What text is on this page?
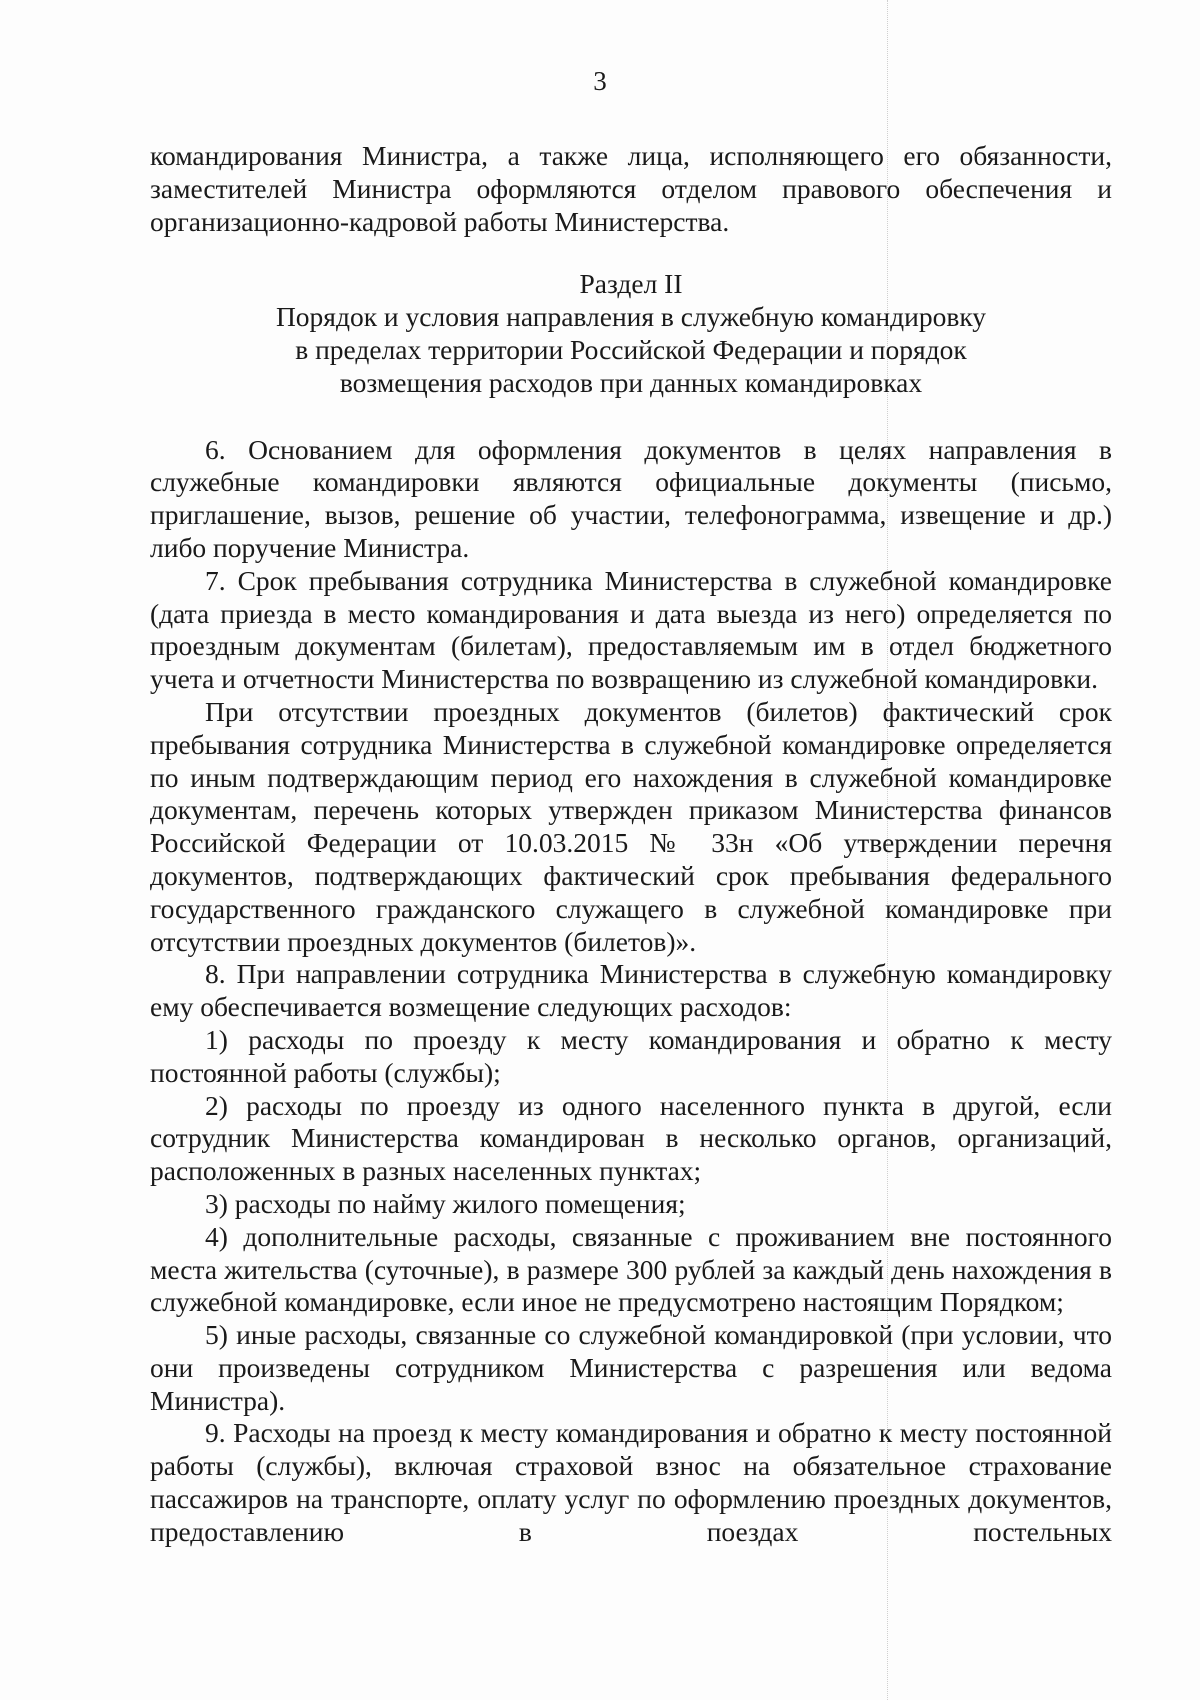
3

командирования Министра, а также лица, исполняющего его обязанности, заместителей Министра оформляются отделом правового обеспечения и организационно-кадровой работы Министерства.

Раздел II
Порядок и условия направления в служебную командировку
в пределах территории Российской Федерации и порядок
возмещения расходов при данных командировках

6. Основанием для оформления документов в целях направления в служебные командировки являются официальные документы (письмо, приглашение, вызов, решение об участии, телефонограмма, извещение и др.) либо поручение Министра.

7. Срок пребывания сотрудника Министерства в служебной командировке (дата приезда в место командирования и дата выезда из него) определяется по проездным документам (билетам), предоставляемым им в отдел бюджетного учета и отчетности Министерства по возвращению из служебной командировки.

При отсутствии проездных документов (билетов) фактический срок пребывания сотрудника Министерства в служебной командировке определяется по иным подтверждающим период его нахождения в служебной командировке документам, перечень которых утвержден приказом Министерства финансов Российской Федерации от 10.03.2015 № 33н «Об утверждении перечня документов, подтверждающих фактический срок пребывания федерального государственного гражданского служащего в служебной командировке при отсутствии проездных документов (билетов)».

8. При направлении сотрудника Министерства в служебную командировку ему обеспечивается возмещение следующих расходов:

1) расходы по проезду к месту командирования и обратно к месту постоянной работы (службы);

2) расходы по проезду из одного населенного пункта в другой, если сотрудник Министерства командирован в несколько органов, организаций, расположенных в разных населенных пунктах;

3) расходы по найму жилого помещения;

4) дополнительные расходы, связанные с проживанием вне постоянного места жительства (суточные), в размере 300 рублей за каждый день нахождения в служебной командировке, если иное не предусмотрено настоящим Порядком;

5) иные расходы, связанные со служебной командировкой (при условии, что они произведены сотрудником Министерства с разрешения или ведома Министра).

9. Расходы на проезд к месту командирования и обратно к месту постоянной работы (службы), включая страховой взнос на обязательное страхование пассажиров на транспорте, оплату услуг по оформлению проездных документов, предоставлению в поездах постельных
